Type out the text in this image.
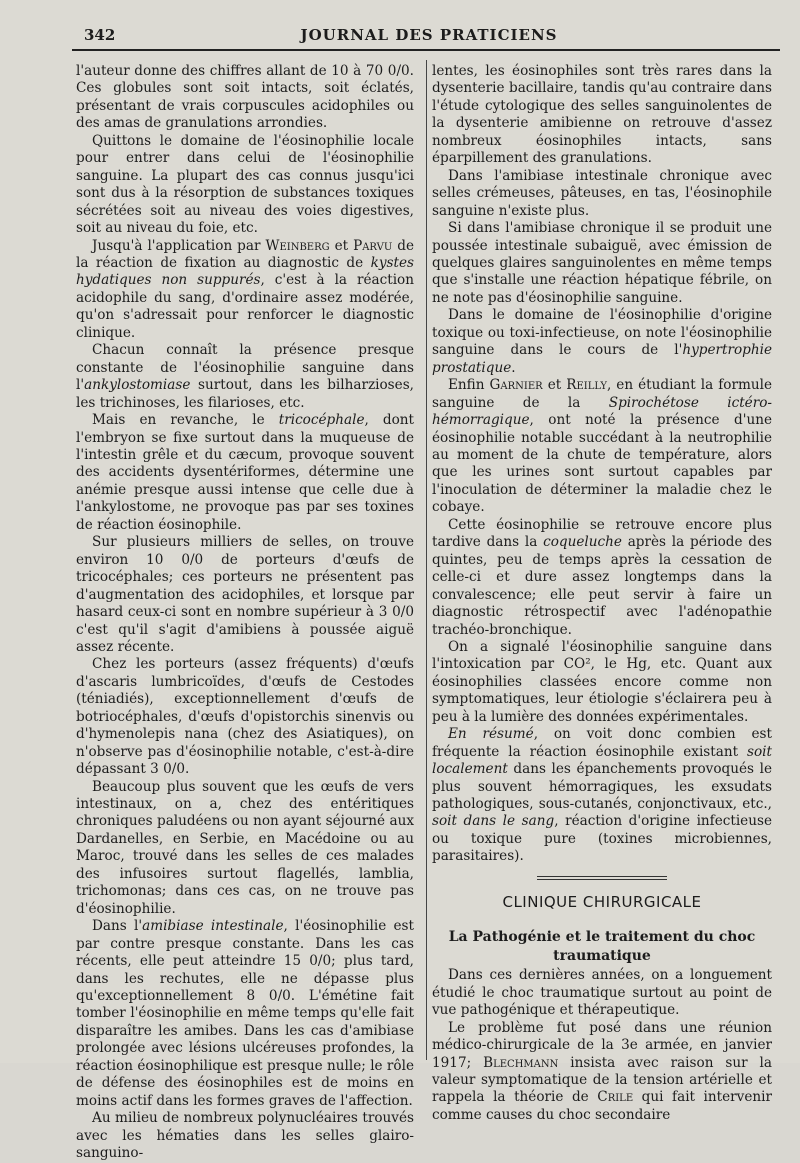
342	JOURNAL DES PRATICIENS

l'auteur donne des chiffres allant de 10 à 70 0/0. Ces globules sont soit intacts, soit éclatés, présentant de vrais corpuscules acidophiles ou des amas de granulations arrondies.

Quittons le domaine de l'éosinophilie locale pour entrer dans celui de l'éosinophilie sanguine. La plupart des cas connus jusqu'ici sont dus à la résorption de substances toxiques sécrétées soit au niveau des voies digestives, soit au niveau du foie, etc.

Jusqu'à l'application par Weinberg et Parvu de la réaction de fixation au diagnostic de kystes hydatiques non suppurés, c'est à la réaction acidophile du sang, d'ordinaire assez modérée, qu'on s'adressait pour renforcer le diagnostic clinique.

Chacun connaît la présence presque constante de l'éosinophilie sanguine dans l'ankylostomiase surtout, dans les bilharzioses, les trichinoses, les filarioses, etc.

Mais en revanche, le tricocéphale, dont l'embryon se fixe surtout dans la muqueuse de l'intestin grêle et du cæcum, provoque souvent des accidents dysentériformes, détermine une anémie presque aussi intense que celle due à l'ankylostome, ne provoque pas par ses toxines de réaction éosinophile.

Sur plusieurs milliers de selles, on trouve environ 10 0/0 de porteurs d'œufs de tricocéphales; ces porteurs ne présentent pas d'augmentation des acidophiles, et lorsque par hasard ceux-ci sont en nombre supérieur à 3 0/0 c'est qu'il s'agit d'amibiens à poussée aiguë assez récente.

Chez les porteurs (assez fréquents) d'œufs d'ascaris lumbricoïdes, d'œufs de Cestodes (téniadiés), exceptionnellement d'œufs de botriocéphales, d'œufs d'opistorchis sinenvis ou d'hymenolepis nana (chez des Asiatiques), on n'observe pas d'éosinophilie notable, c'est-à-dire dépassant 3 0/0.

Beaucoup plus souvent que les œufs de vers intestinaux, on a, chez des entéritiques chroniques paludéens ou non ayant séjourné aux Dardanelles, en Serbie, en Macédoine ou au Maroc, trouvé dans les selles de ces malades des infusoires surtout flagellés, lamblia, trichomonas; dans ces cas, on ne trouve pas d'éosinophilie.

Dans l'amibiase intestinale, l'éosinophilie est par contre presque constante. Dans les cas récents, elle peut atteindre 15 0/0; plus tard, dans les rechutes, elle ne dépasse plus qu'exceptionnellement 8 0/0. L'émétine fait tomber l'éosinophilie en même temps qu'elle fait disparaître les amibes. Dans les cas d'amibiase prolongée avec lésions ulcéreuses profondes, la réaction éosinophilique est presque nulle; le rôle de défense des éosinophiles est de moins en moins actif dans les formes graves de l'affection.

Au milieu de nombreux polynucléaires trouvés avec les hématies dans les selles glairo-sanguino-

lentes, les éosinophiles sont très rares dans la dysenterie bacillaire, tandis qu'au contraire dans l'étude cytologique des selles sanguinolentes de la dysenterie amibienne on retrouve d'assez nombreux éosinophiles intacts, sans éparpillement des granulations.

Dans l'amibiase intestinale chronique avec selles crémeuses, pâteuses, en tas, l'éosinophile sanguine n'existe plus.

Si dans l'amibiase chronique il se produit une poussée intestinale subaiguë, avec émission de quelques glaires sanguinolentes en même temps que s'installe une réaction hépatique fébrile, on ne note pas d'éosinophilie sanguine.

Dans le domaine de l'éosinophilie d'origine toxique ou toxi-infectieuse, on note l'éosinophilie sanguine dans le cours de l'hypertrophie prostatique.

Enfin Garnier et Reilly, en étudiant la formule sanguine de la Spirochétose ictéro-hémorragique, ont noté la présence d'une éosinophilie notable succédant à la neutrophilie au moment de la chute de température, alors que les urines sont surtout capables par l'inoculation de déterminer la maladie chez le cobaye.

Cette éosinophilie se retrouve encore plus tardive dans la coqueluche après la période des quintes, peu de temps après la cessation de celle-ci et dure assez longtemps dans la convalescence; elle peut servir à faire un diagnostic rétrospectif avec l'adénopathie trachéo-bronchique.

On a signalé l'éosinophilie sanguine dans l'intoxication par CO², le Hg, etc. Quant aux éosinophilies classées encore comme non symptomatiques, leur étiologie s'éclairera peu à peu à la lumière des données expérimentales.

En résumé, on voit donc combien est fréquente la réaction éosinophile existant soit localement dans les épanchements provoqués le plus souvent hémorragiques, les exsudats pathologiques, sous-cutanés, conjonctivaux, etc., soit dans le sang, réaction d'origine infectieuse ou toxique pure (toxines microbiennes, parasitaires).

CLINIQUE CHIRURGICALE
La Pathogénie et le traitement du choc
traumatique

Dans ces dernières années, on a longuement étudié le choc traumatique surtout au point de vue pathogénique et thérapeutique.

Le problème fut posé dans une réunion médico-chirurgicale de la 3e armée, en janvier 1917; Blechmann insista avec raison sur la valeur symptomatique de la tension artérielle et rappela la théorie de Crile qui fait intervenir comme causes du choc secondaire
